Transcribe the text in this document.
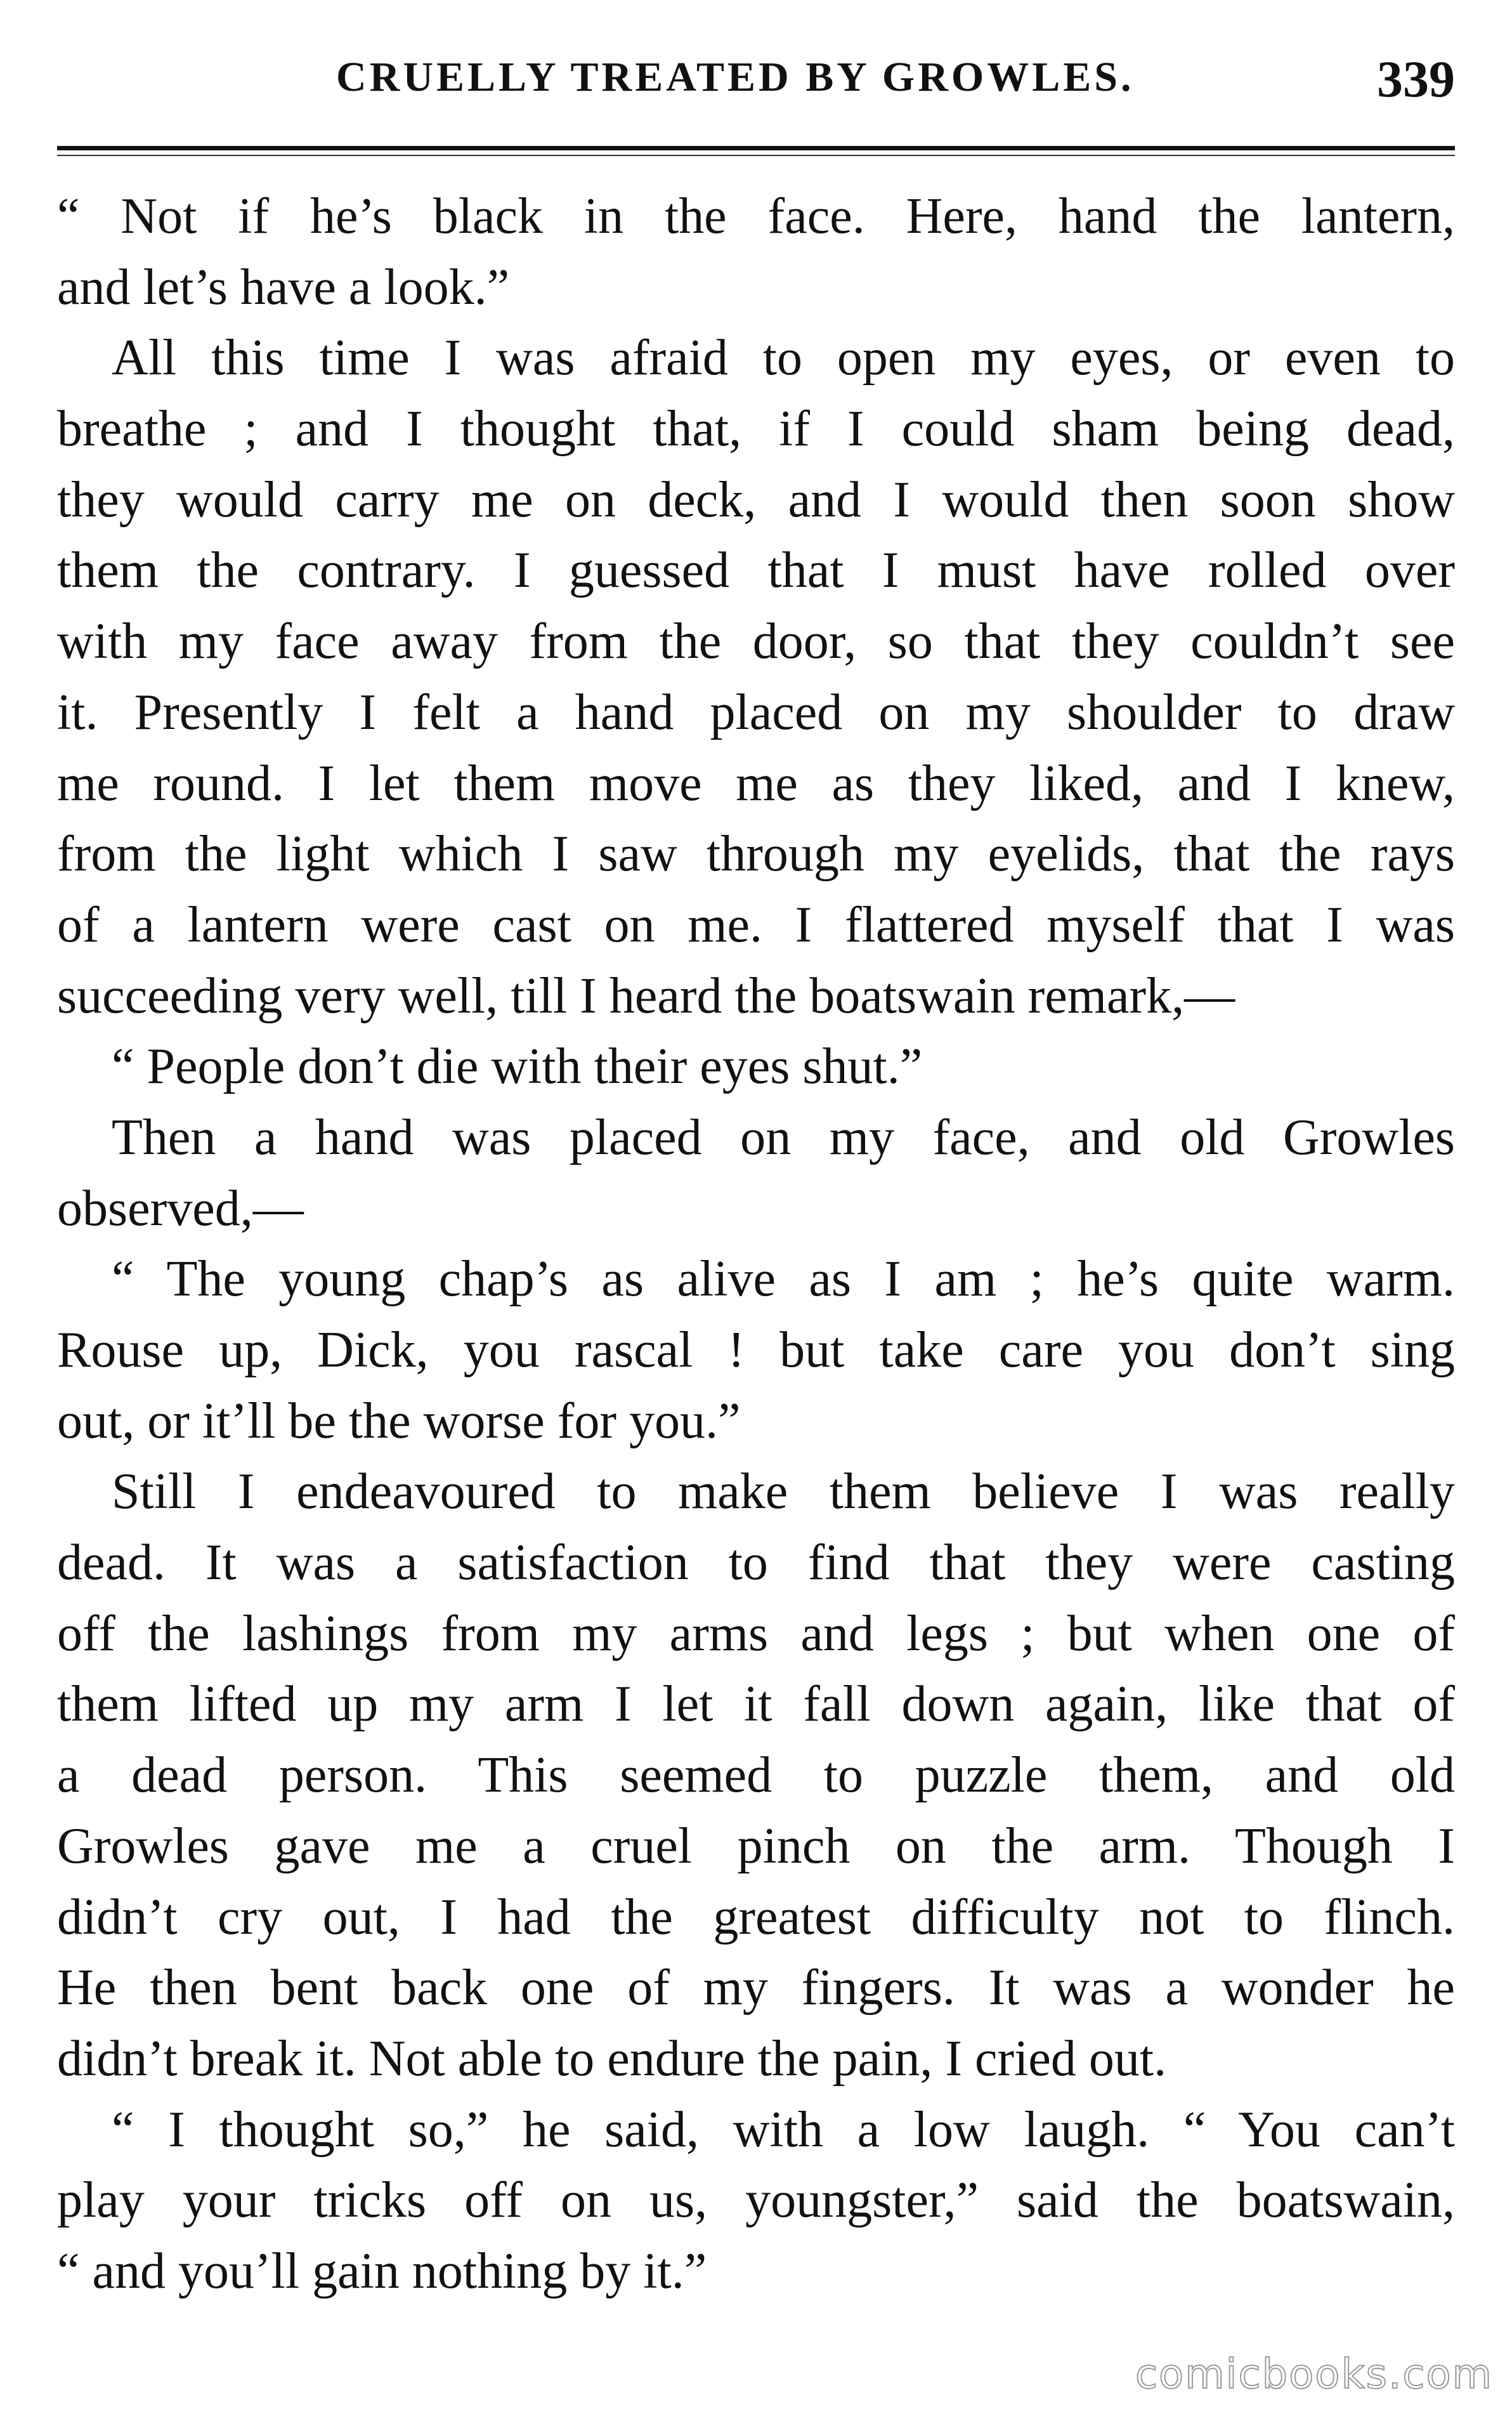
CRUELLY TREATED BY GROWLES.	339
“ Not if he’s black in the face. Here, hand the lantern,
and let’s have a look.”
All this time I was afraid to open my eyes, or even to
breathe ; and I thought that, if I could sham being dead,
they would carry me on deck, and I would then soon show
them the contrary. I guessed that I must have rolled over
with my face away from the door, so that they couldn’t see
it. Presently I felt a hand placed on my shoulder to draw
me round. I let them move me as they liked, and I knew,
from the light which I saw through my eyelids, that the rays
of a lantern were cast on me. I flattered myself that I was
succeeding very well, till I heard the boatswain remark,—
“ People don’t die with their eyes shut.”
Then a hand was placed on my face, and old Growles
observed,—
“ The young chap’s as alive as I am ; he’s quite warm.
Rouse up, Dick, you rascal ! but take care you don’t sing
out, or it’ll be the worse for you.”
Still I endeavoured to make them believe I was really
dead. It was a satisfaction to find that they were casting
off the lashings from my arms and legs ; but when one of
them lifted up my arm I let it fall down again, like that of
a dead person. This seemed to puzzle them, and old
Growles gave me a cruel pinch on the arm. Though I
didn’t cry out, I had the greatest difficulty not to flinch.
He then bent back one of my fingers. It was a wonder he
didn’t break it. Not able to endure the pain, I cried out.
“ I thought so,” he said, with a low laugh. “ You can’t
play your tricks off on us, youngster,” said the boatswain,
“ and you’ll gain nothing by it.”
comicbooks.com
